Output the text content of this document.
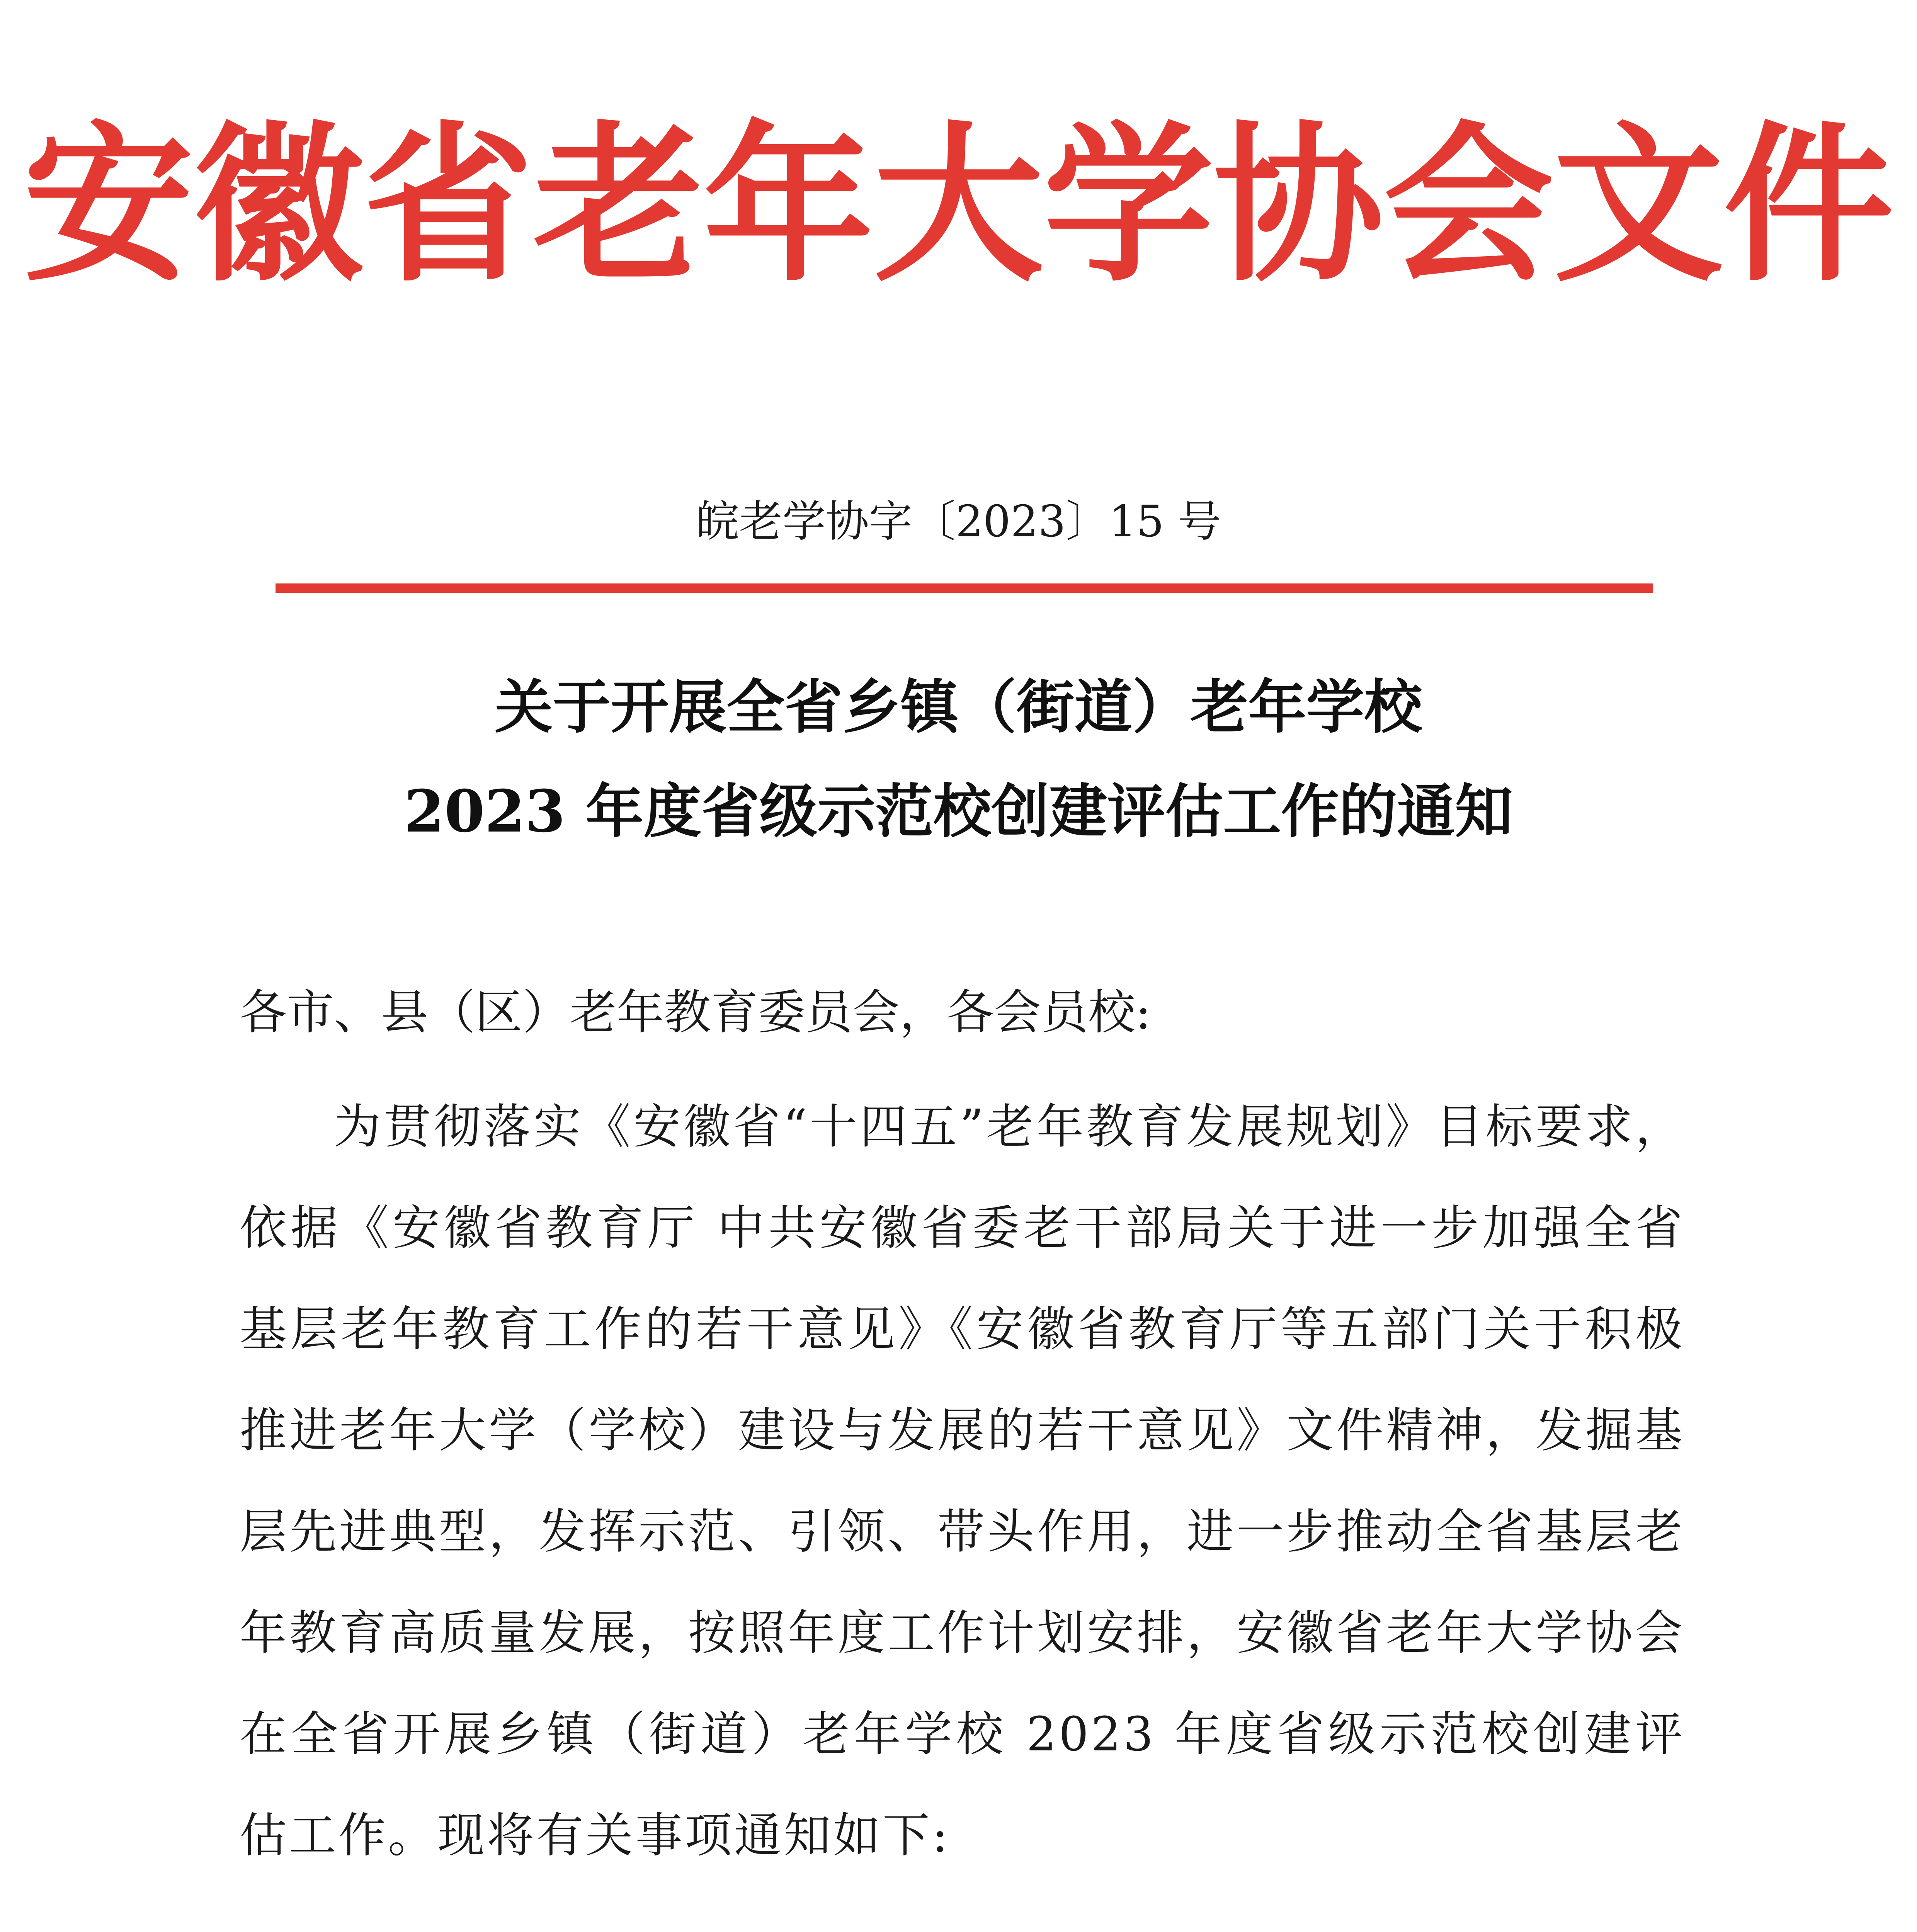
安徽省老年大学协会文件
皖老学协字〔2023〕15 号
关于开展全省乡镇（街道）老年学校
2023 年度省级示范校创建评估工作的通知
各市、县（区）老年教育委员会，各会员校:
为贯彻落实《安徽省“十四五”老年教育发展规划》目标要求，依据《安徽省教育厅 中共安徽省委老干部局关于进一步加强全省基层老年教育工作的若干意见》《安徽省教育厅等五部门关于积极推进老年大学（学校）建设与发展的若干意见》文件精神，发掘基层先进典型，发挥示范、引领、带头作用，进一步推动全省基层老年教育高质量发展，按照年度工作计划安排，安徽省老年大学协会在全省开展乡镇（街道）老年学校 2023 年度省级示范校创建评估工作。现将有关事项通知如下:
